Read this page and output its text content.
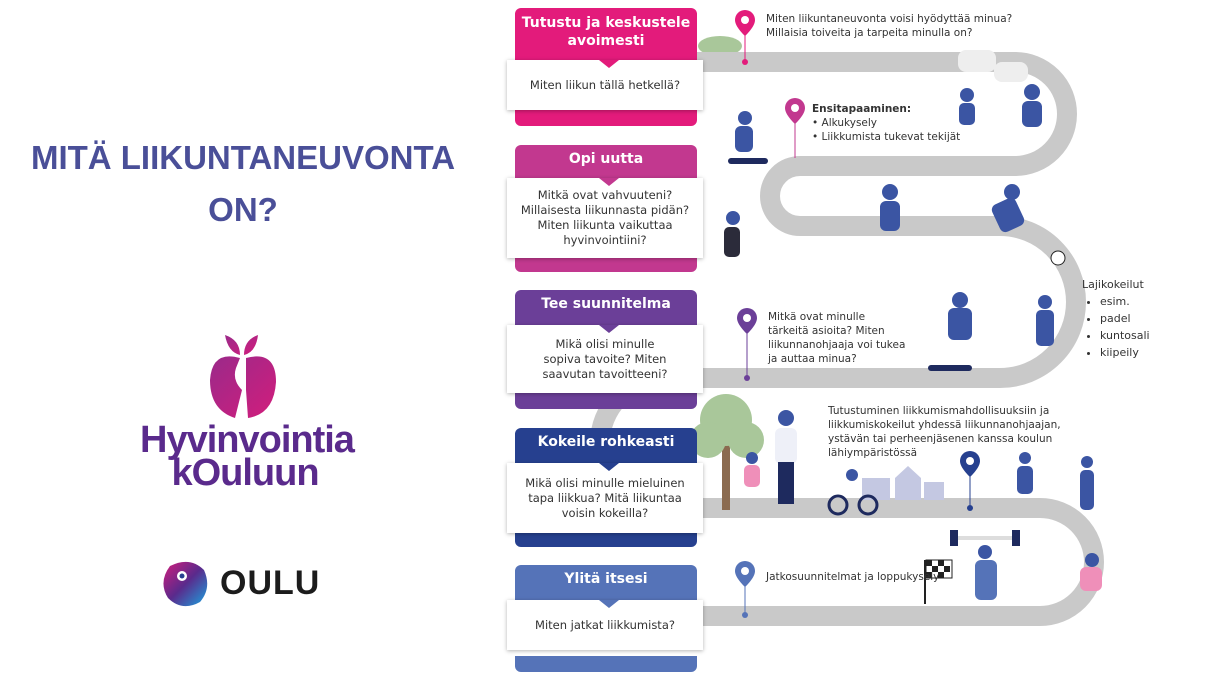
MITÄ LIIKUNTANEUVONTA ON?
Hyvinvointia
kOuluun
OULU
Miten liikuntaneuvonta voisi hyödyttää minua? Millaisia toiveita ja tarpeita minulla on?
Ensitapaaminen:
• Alkukysely
• Liikkumista tukevat tekijät
Mitkä ovat minulle tärkeitä asioita? Miten liikunnanohjaaja voi tukea ja auttaa minua?
Lajikokeilut
• esim.
• padel
• kuntosali
• kiipeily
Tutustuminen liikkumismahdollisuuksiin ja liikkumiskokeilut yhdessä liikunnanohjaajan, ystävän tai perheenjäsenen kanssa koulun lähiympäristössä
Jatkosuunnitelmat ja loppukysely
Tutustu ja keskustele avoimesti
Miten liikun tällä hetkellä?
Opi uutta
Mitkä ovat vahvuuteni? Millaisesta liikunnasta pidän? Miten liikunta vaikuttaa hyvinvointiini?
Tee suunnitelma
Mikä olisi minulle sopiva tavoite? Miten saavutan tavoitteeni?
Kokeile rohkeasti
Mikä olisi minulle mieluinen tapa liikkua? Mitä liikuntaa voisin kokeilla?
Ylitä itsesi
Miten jatkat liikkumista?
